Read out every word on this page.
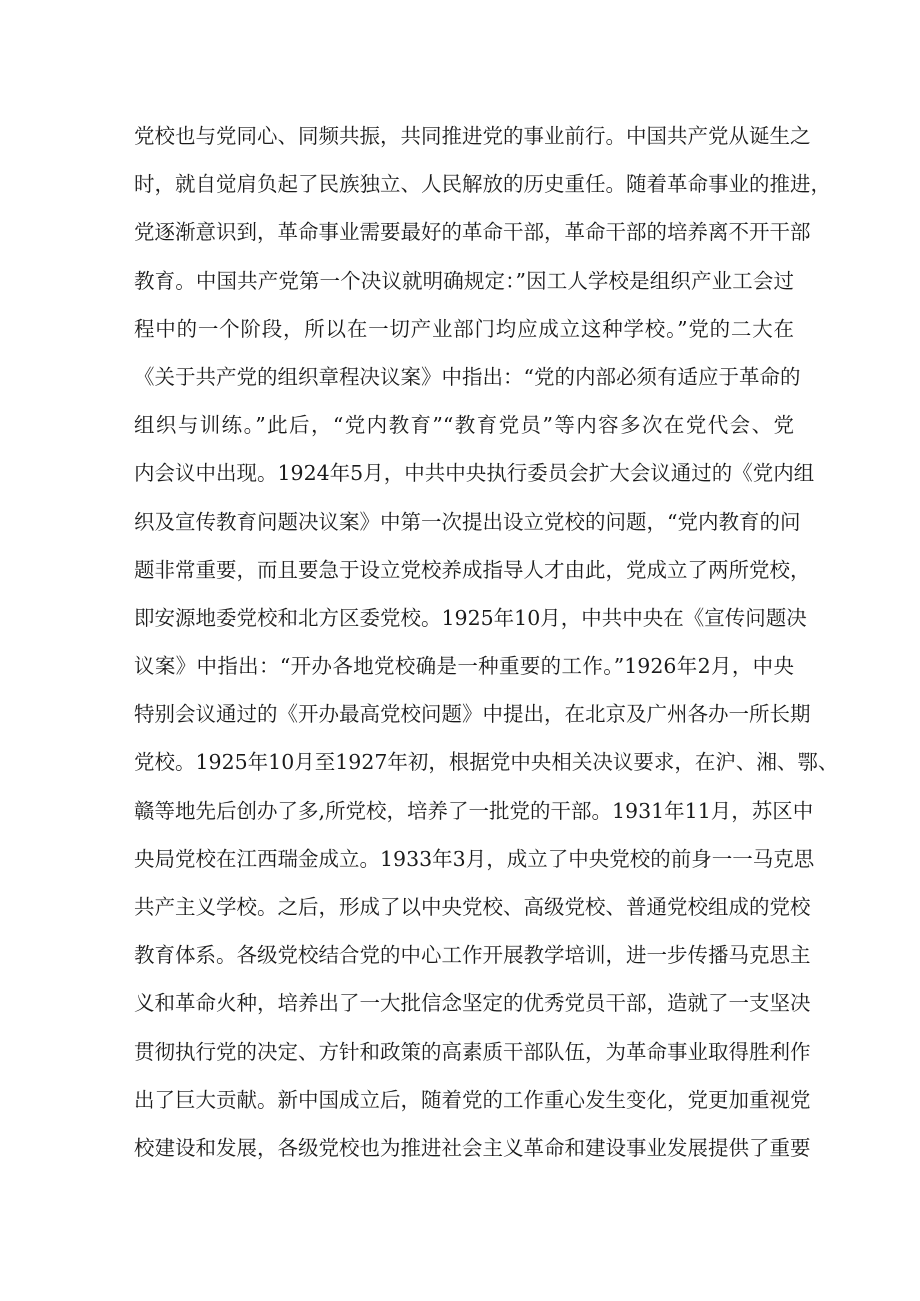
党校也与党同心、同频共振，共同推进党的事业前行。中国共产党从诞生之
时，就自觉肩负起了民族独立、人民解放的历史重任。随着革命事业的推进，
党逐渐意识到，革命事业需要最好的革命干部，革命干部的培养离不开干部
教育。中国共产党第一个决议就明确规定：”因工人学校是组织产业工会过
程中的一个阶段，所以在一切产业部门均应成立这种学校。”党的二大在
《关于共产党的组织章程决议案》中指出：“党的内部必须有适应于革命的
组织与训练。”此后，“党内教育”“教育党员”等内容多次在党代会、党
内会议中出现。1924年5月，中共中央执行委员会扩大会议通过的《党内组
织及宣传教育问题决议案》中第一次提出设立党校的问题，“党内教育的问
题非常重要，而且要急于设立党校养成指导人才由此，党成立了两所党校，
即安源地委党校和北方区委党校。1925年10月，中共中央在《宣传问题决
议案》中指出：“开办各地党校确是一种重要的工作。”1926年2月，中央
特别会议通过的《开办最高党校问题》中提出，在北京及广州各办一所长期
党校。1925年10月至1927年初，根据党中央相关决议要求，在沪、湘、鄂、
赣等地先后创办了多,所党校，培养了一批党的干部。1931年11月，苏区中
央局党校在江西瑞金成立。1933年3月，成立了中央党校的前身一一马克思
共产主义学校。之后，形成了以中央党校、高级党校、普通党校组成的党校
教育体系。各级党校结合党的中心工作开展教学培训，进一步传播马克思主
义和革命火种，培养出了一大批信念坚定的优秀党员干部，造就了一支坚决
贯彻执行党的决定、方针和政策的高素质干部队伍，为革命事业取得胜利作
出了巨大贡献。新中国成立后，随着党的工作重心发生变化，党更加重视党
校建设和发展，各级党校也为推进社会主义革命和建设事业发展提供了重要
